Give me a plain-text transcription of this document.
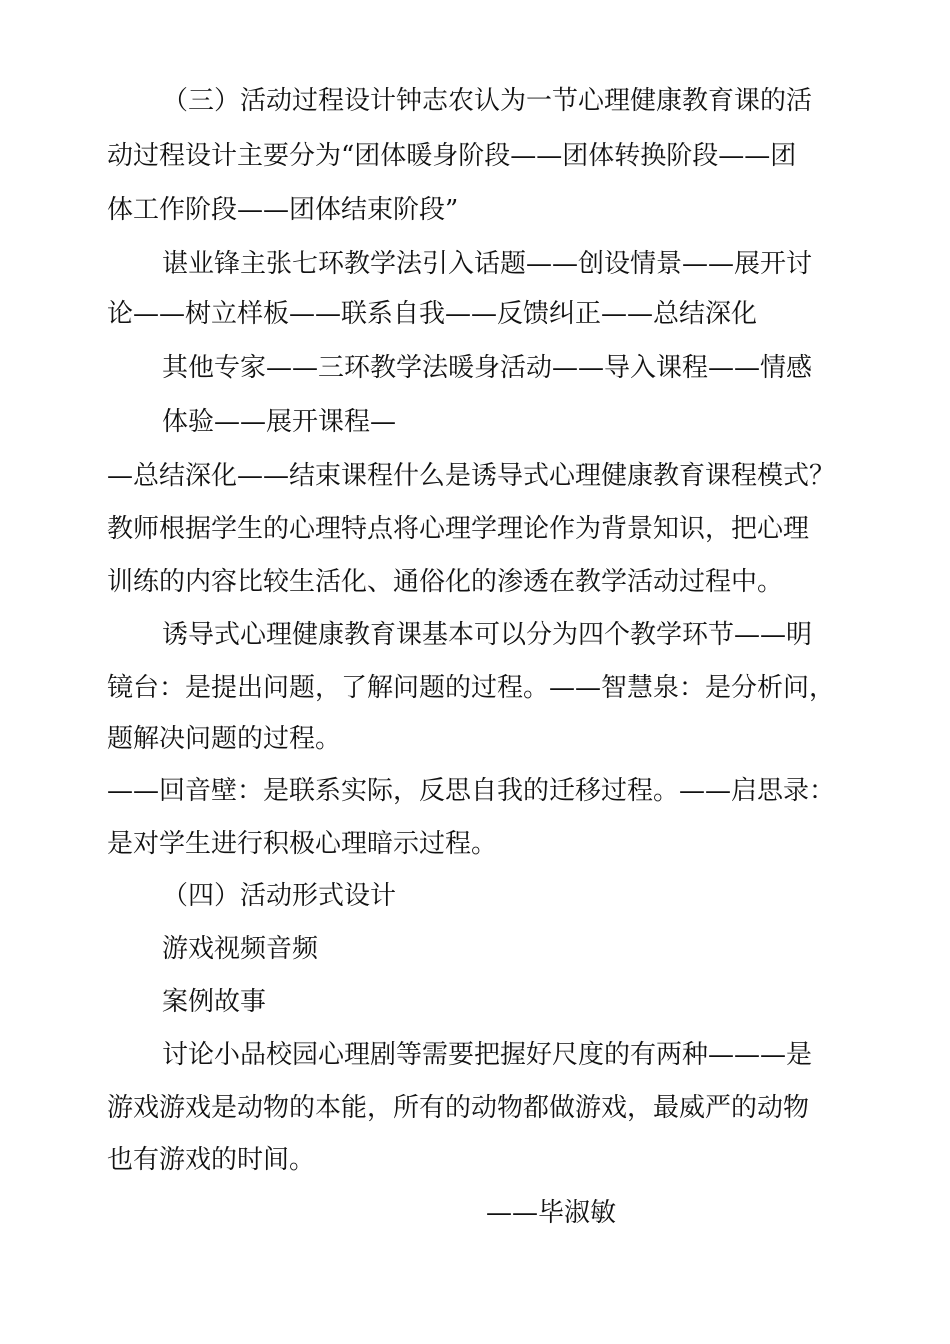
（三）活动过程设计钟志农认为一节心理健康教育课的活
动过程设计主要分为“团体暖身阶段——团体转换阶段——团
体工作阶段——团体结束阶段”
谌业锋主张七环教学法引入话题——创设情景——展开讨
论——树立样板——联系自我——反馈纠正——总结深化
其他专家——三环教学法暖身活动——导入课程——情感
体验——展开课程—
—总结深化——结束课程什么是诱导式心理健康教育课程模式？
教师根据学生的心理特点将心理学理论作为背景知识，把心理
训练的内容比较生活化、通俗化的渗透在教学活动过程中。
诱导式心理健康教育课基本可以分为四个教学环节——明
镜台：是提出问题，了解问题的过程。——智慧泉：是分析问，
题解决问题的过程。
——回音壁：是联系实际，反思自我的迁移过程。——启思录：
是对学生进行积极心理暗示过程。
（四）活动形式设计
游戏视频音频
案例故事
讨论小品校园心理剧等需要把握好尺度的有两种———是
游戏游戏是动物的本能，所有的动物都做游戏，最威严的动物
也有游戏的时间。
——毕淑敏
